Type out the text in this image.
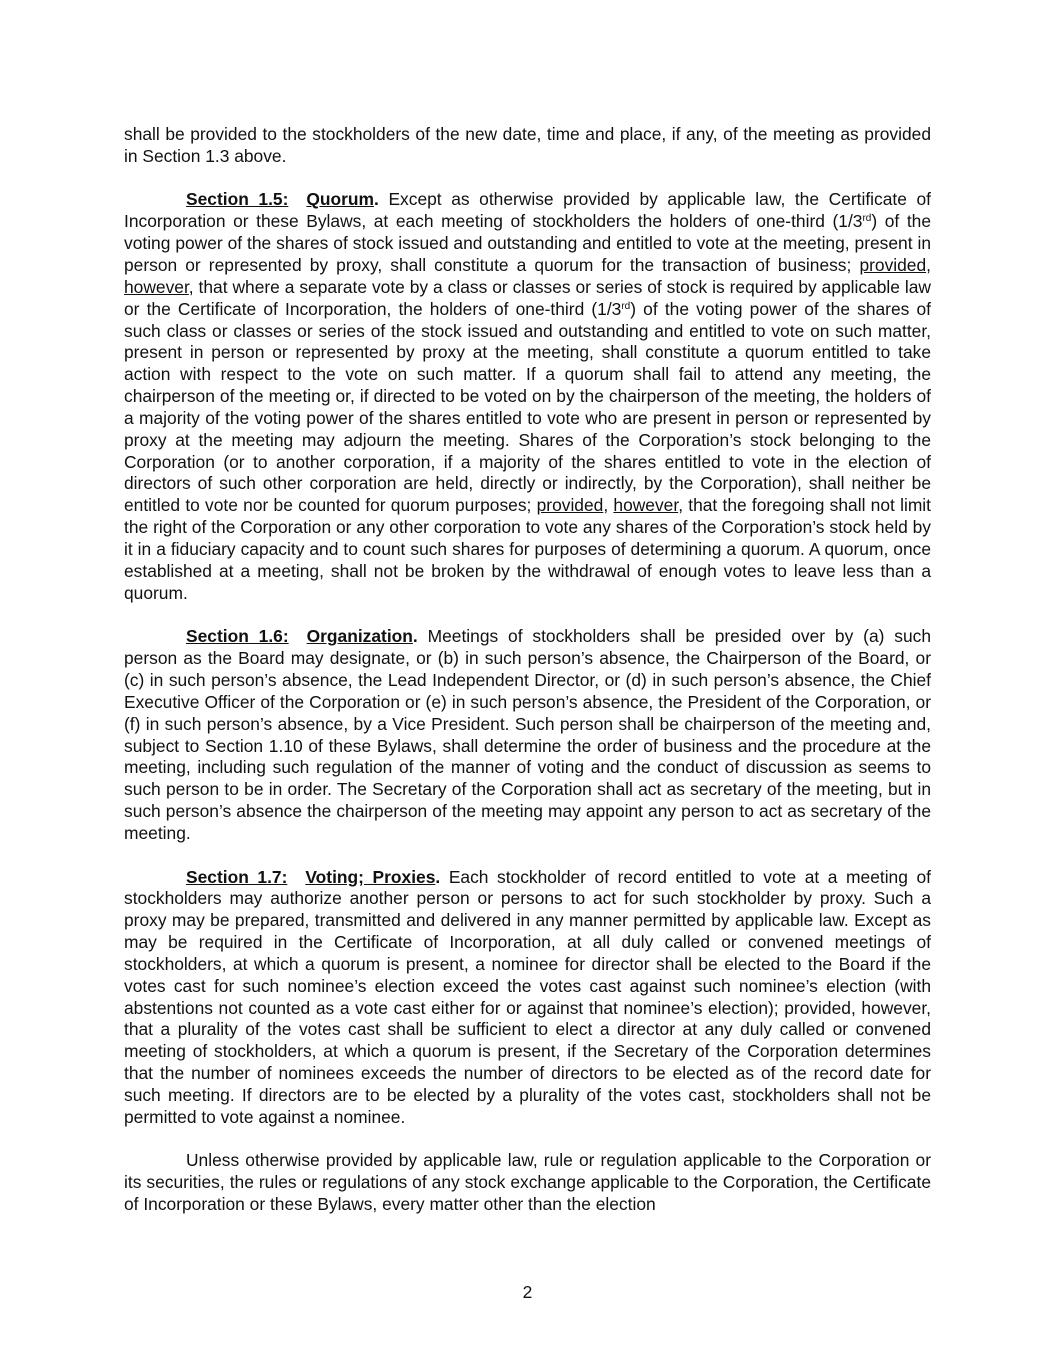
shall be provided to the stockholders of the new date, time and place, if any, of the meeting as provided in Section 1.3 above.

Section 1.5: Quorum. Except as otherwise provided by applicable law, the Certificate of Incorporation or these Bylaws, at each meeting of stockholders the holders of one-third (1/3rd) of the voting power of the shares of stock issued and outstanding and entitled to vote at the meeting, present in person or represented by proxy, shall constitute a quorum for the transaction of business; provided, however, that where a separate vote by a class or classes or series of stock is required by applicable law or the Certificate of Incorporation, the holders of one-third (1/3rd) of the voting power of the shares of such class or classes or series of the stock issued and outstanding and entitled to vote on such matter, present in person or represented by proxy at the meeting, shall constitute a quorum entitled to take action with respect to the vote on such matter. If a quorum shall fail to attend any meeting, the chairperson of the meeting or, if directed to be voted on by the chairperson of the meeting, the holders of a majority of the voting power of the shares entitled to vote who are present in person or represented by proxy at the meeting may adjourn the meeting. Shares of the Corporation’s stock belonging to the Corporation (or to another corporation, if a majority of the shares entitled to vote in the election of directors of such other corporation are held, directly or indirectly, by the Corporation), shall neither be entitled to vote nor be counted for quorum purposes; provided, however, that the foregoing shall not limit the right of the Corporation or any other corporation to vote any shares of the Corporation’s stock held by it in a fiduciary capacity and to count such shares for purposes of determining a quorum. A quorum, once established at a meeting, shall not be broken by the withdrawal of enough votes to leave less than a quorum.

Section 1.6: Organization. Meetings of stockholders shall be presided over by (a) such person as the Board may designate, or (b) in such person’s absence, the Chairperson of the Board, or (c) in such person’s absence, the Lead Independent Director, or (d) in such person’s absence, the Chief Executive Officer of the Corporation or (e) in such person’s absence, the President of the Corporation, or (f) in such person’s absence, by a Vice President. Such person shall be chairperson of the meeting and, subject to Section 1.10 of these Bylaws, shall determine the order of business and the procedure at the meeting, including such regulation of the manner of voting and the conduct of discussion as seems to such person to be in order. The Secretary of the Corporation shall act as secretary of the meeting, but in such person’s absence the chairperson of the meeting may appoint any person to act as secretary of the meeting.

Section 1.7: Voting; Proxies. Each stockholder of record entitled to vote at a meeting of stockholders may authorize another person or persons to act for such stockholder by proxy. Such a proxy may be prepared, transmitted and delivered in any manner permitted by applicable law. Except as may be required in the Certificate of Incorporation, at all duly called or convened meetings of stockholders, at which a quorum is present, a nominee for director shall be elected to the Board if the votes cast for such nominee’s election exceed the votes cast against such nominee’s election (with abstentions not counted as a vote cast either for or against that nominee’s election); provided, however, that a plurality of the votes cast shall be sufficient to elect a director at any duly called or convened meeting of stockholders, at which a quorum is present, if the Secretary of the Corporation determines that the number of nominees exceeds the number of directors to be elected as of the record date for such meeting. If directors are to be elected by a plurality of the votes cast, stockholders shall not be permitted to vote against a nominee.

Unless otherwise provided by applicable law, rule or regulation applicable to the Corporation or its securities, the rules or regulations of any stock exchange applicable to the Corporation, the Certificate of Incorporation or these Bylaws, every matter other than the election

2
